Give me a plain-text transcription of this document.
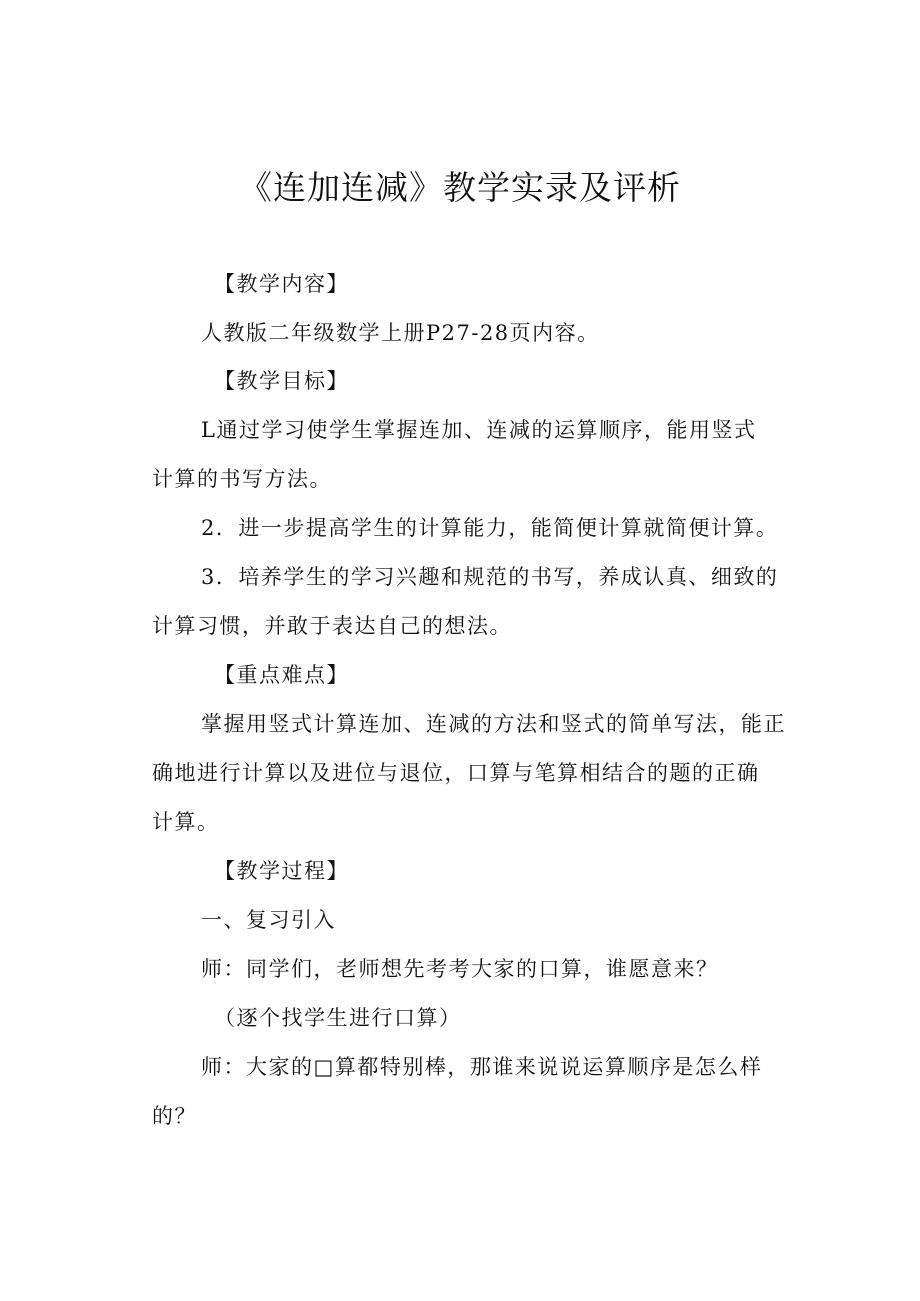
《连加连减》教学实录及评析

【教学内容】

人教版二年级数学上册P27-28页内容。

【教学目标】

L通过学习使学生掌握连加、连减的运算顺序，能用竖式

计算的书写方法。

2．进一步提高学生的计算能力，能简便计算就简便计算。

3．培养学生的学习兴趣和规范的书写，养成认真、细致的

计算习惯，并敢于表达自己的想法。

【重点难点】

掌握用竖式计算连加、连减的方法和竖式的简单写法，能正

确地进行计算以及进位与退位，口算与笔算相结合的题的正确

计算。

【教学过程】

一、复习引入

师：同学们，老师想先考考大家的口算，谁愿意来？

（逐个找学生进行口算）

师：大家的□算都特别棒，那谁来说说运算顺序是怎么样

的？
